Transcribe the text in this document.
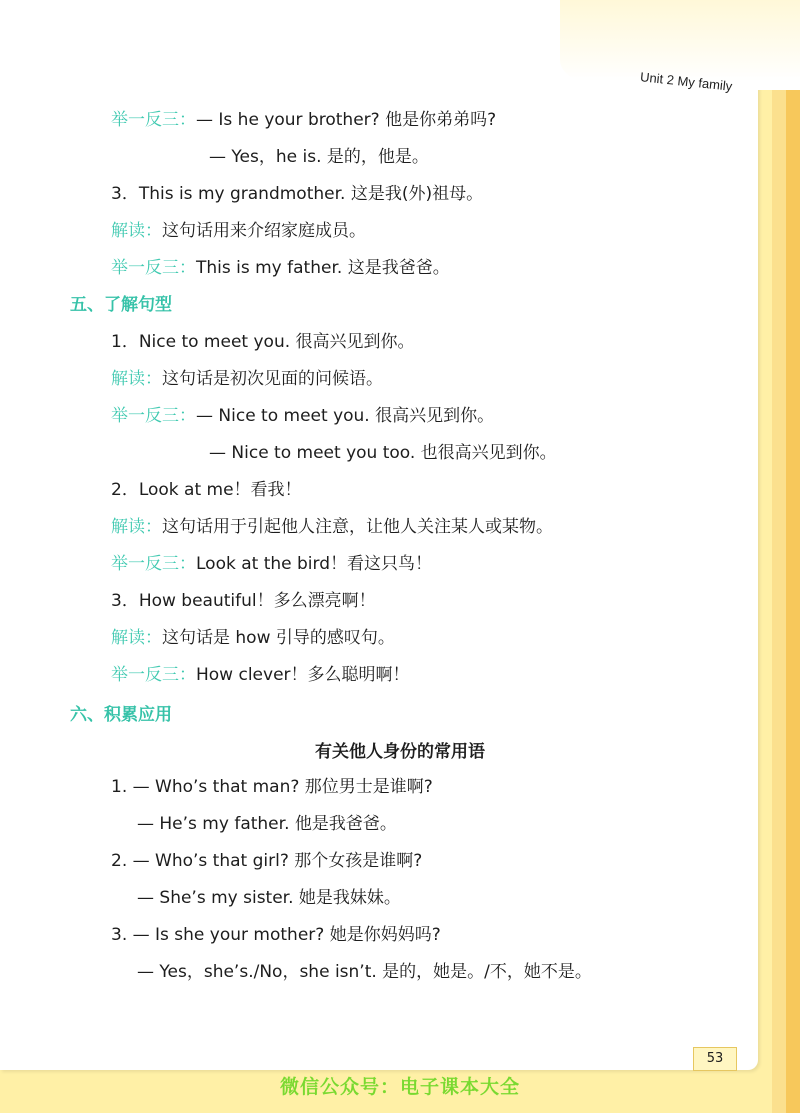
Unit 2 My family
举一反三：— Is he your brother? 他是你弟弟吗?
— Yes，he is. 是的，他是。
3．This is my grandmother. 这是我(外)祖母。
解读：这句话用来介绍家庭成员。
举一反三：This is my father. 这是我爸爸。
五、了解句型
1．Nice to meet you. 很高兴见到你。
解读：这句话是初次见面的问候语。
举一反三：— Nice to meet you. 很高兴见到你。
— Nice to meet you too. 也很高兴见到你。
2．Look at me！看我！
解读：这句话用于引起他人注意，让他人关注某人或某物。
举一反三：Look at the bird！看这只鸟！
3．How beautiful！多么漂亮啊！
解读：这句话是 how 引导的感叹句。
举一反三：How clever！多么聪明啊！
六、积累应用
有关他人身份的常用语
1. — Who’s that man? 那位男士是谁啊?
— He’s my father. 他是我爸爸。
2. — Who’s that girl? 那个女孩是谁啊?
— She’s my sister. 她是我妹妹。
3. — Is she your mother? 她是你妈妈吗?
— Yes，she’s./No，she isn’t. 是的，她是。/不，她不是。
53
微信公众号：电子课本大全
